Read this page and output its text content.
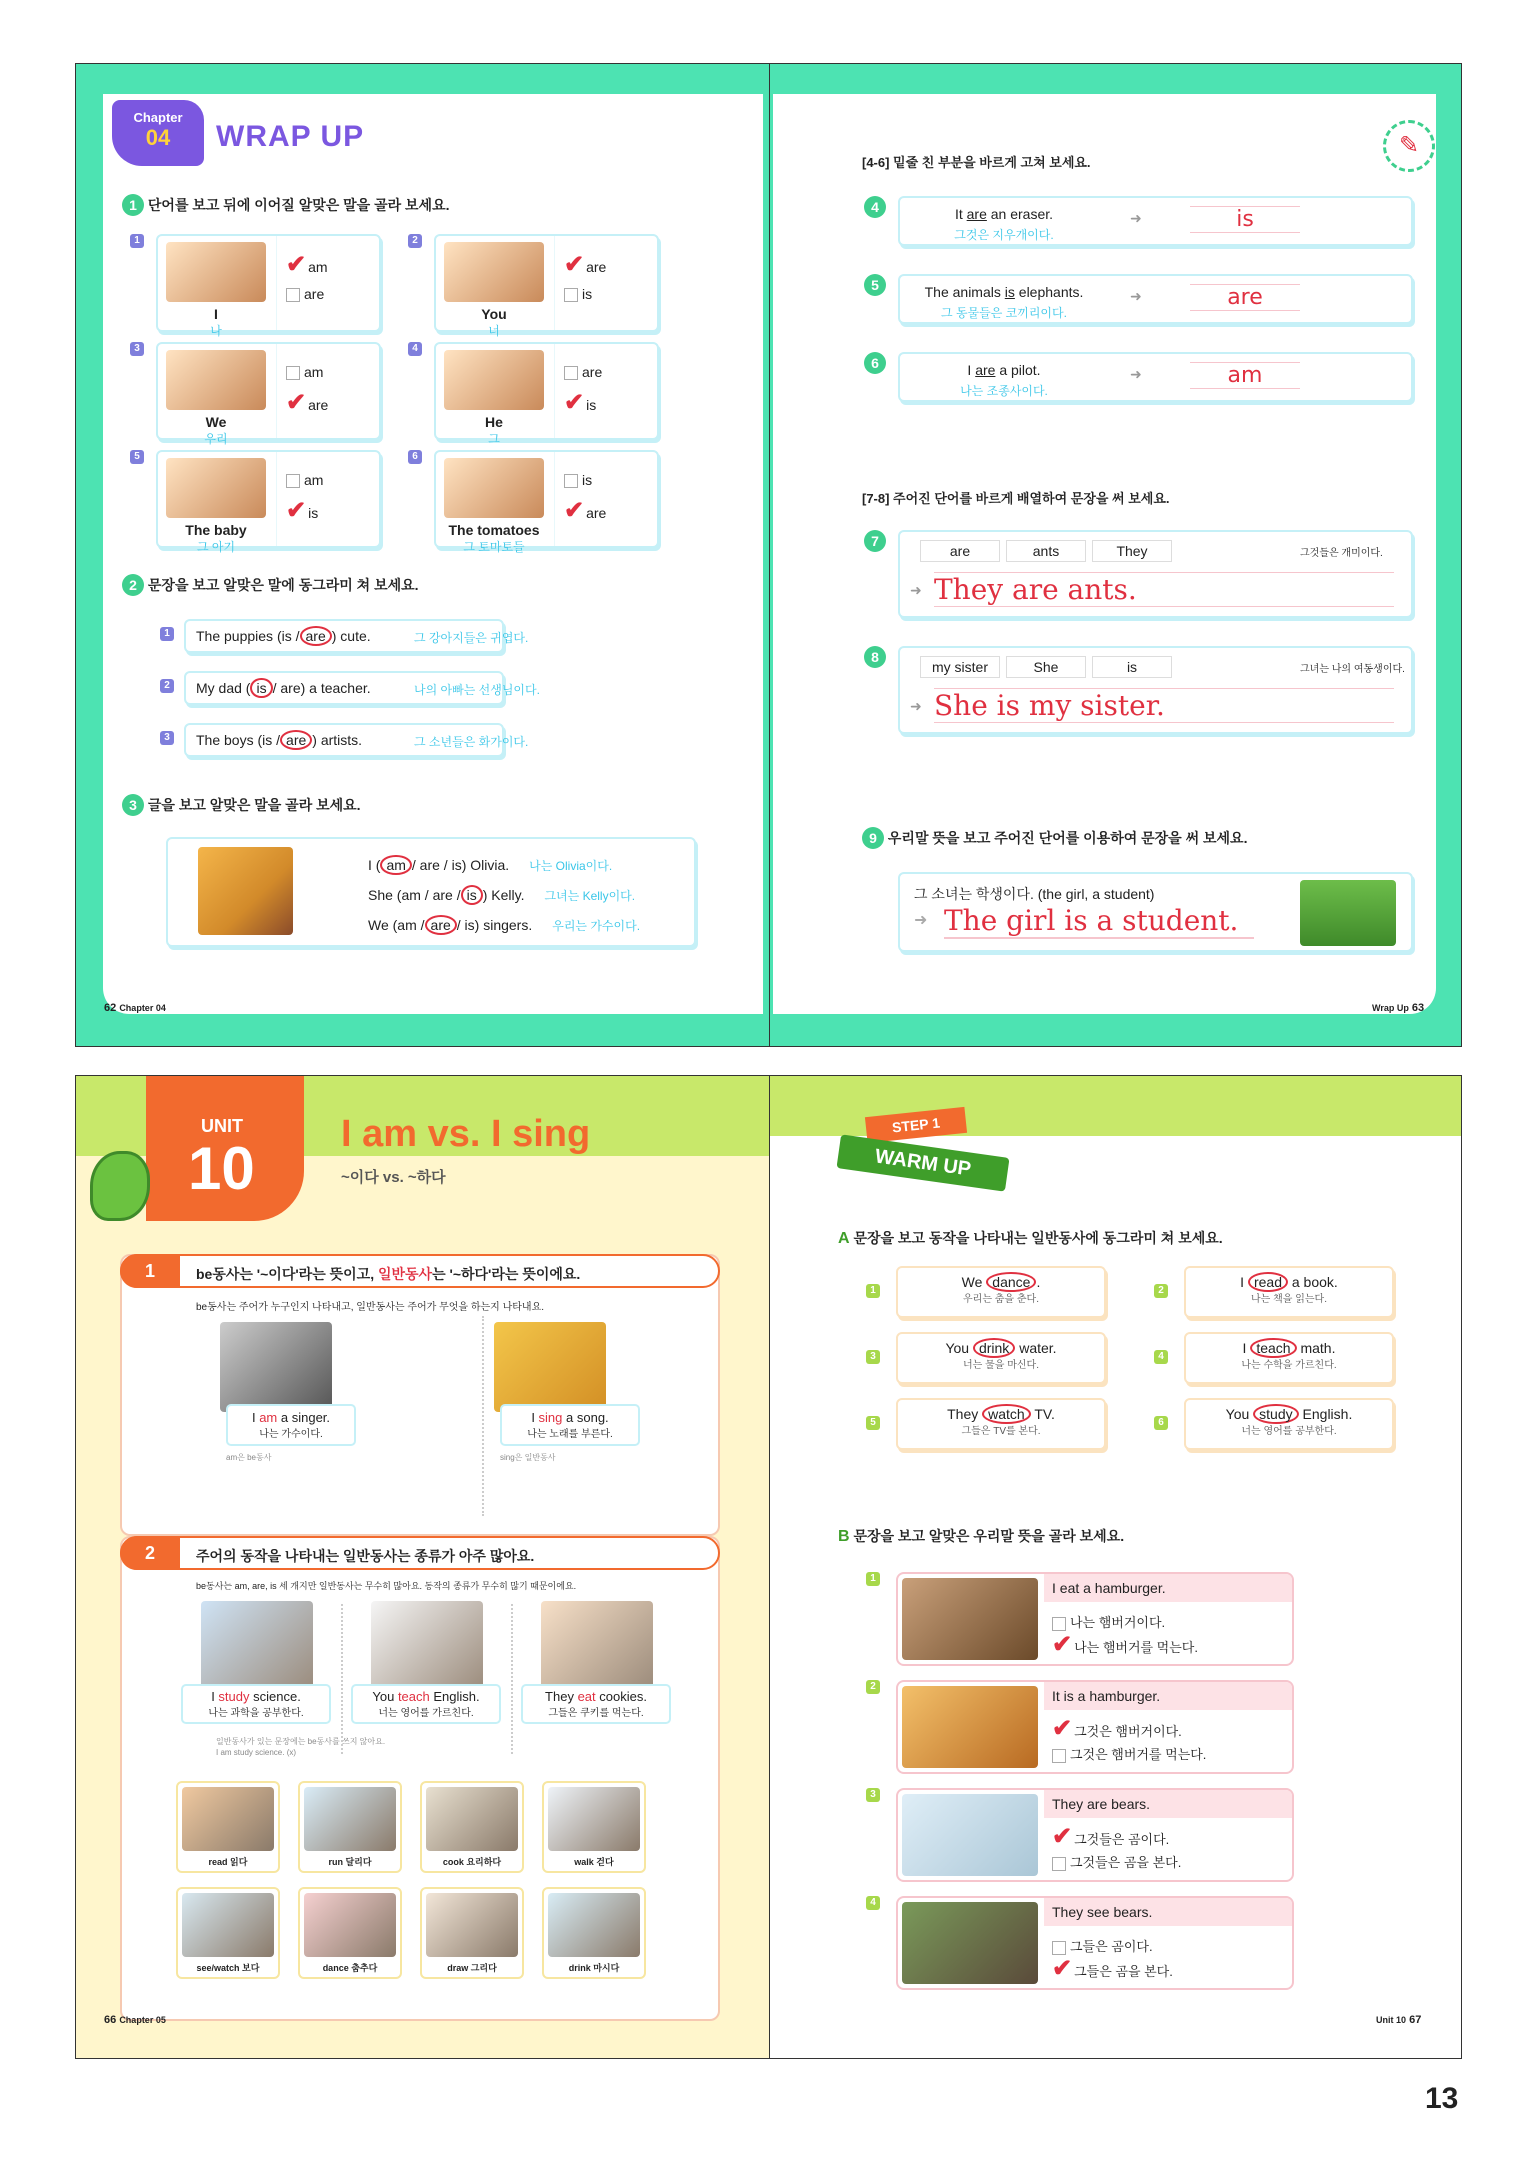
Chapter
04	WRAP UP
1 단어를 보고 뒤에 이어질 알맞은 말을 골라 보세요.
2 문장을 보고 알맞은 말에 동그라미 쳐 보세요.
3 글을 보고 알맞은 말을 골라 보세요.
I ( am / are / is) Olivia. 나는 Olivia이다.
She (am / are / is ) Kelly. 그녀는 Kelly이다.
We (am / are / is) singers. 우리는 가수이다.
62 Chapter 04
✎
[4-6] 밑줄 친 부분을 바르게 고쳐 보세요.
[7-8] 주어진 단어를 바르게 배열하여 문장을 써 보세요.
9 우리말 뜻을 보고 주어진 단어를 이용하여 문장을 써 보세요.
그 소녀는 학생이다. (the girl, a student)
➜ The girl is a student.
Wrap Up 63
1
I
나
✔ am
are
2
You
너
✔ are
is
3
We
우리
am
✔ are
4
He
그
are
✔ is
5
The baby
그 아기
am
✔ is
6
The tomatoes
그 토마토들
is
✔ are
1	The puppies (is / are ) cute.	그 강아지들은 귀엽다.
2	My dad ( is / are) a teacher.	나의 아빠는 선생님이다.
3	The boys (is / are ) artists.	그 소년들은 화가이다.
4	It are an eraser.
그것은 지우개이다.
➜	is
5	The animals is elephants.
그 동물들은 코끼리이다.
➜	are
6	I are a pilot.
나는 조종사이다.
➜	am
7
are	ants	They	그것들은 개미이다.
➜ They are ants.
8
my sister	She	is	그녀는 나의 여동생이다.
➜ She is my sister.
UNIT
10
I am vs. I sing
~이다 vs. ~하다
1	be동사는 '~이다'라는 뜻이고, 일반동사는 '~하다'라는 뜻이에요.
be동사는 주어가 누구인지 나타내고, 일반동사는 주어가 무엇을 하는지 나타내요.
I am a singer.
나는 가수이다.
am은 be동사
I sing a song.
나는 노래를 부른다.
sing은 일반동사
2	주어의 동작을 나타내는 일반동사는 종류가 아주 많아요.
be동사는 am, are, is 세 개지만 일반동사는 무수히 많아요. 동작의 종류가 무수히 많기 때문이에요.
일반동사가 있는 문장에는 be동사를 쓰지 않아요.
I am study science. (x)
66 Chapter 05
STEP 1
WARM UP
A 문장을 보고 동작을 나타내는 일반동사에 동그라미 쳐 보세요.
B 문장을 보고 알맞은 우리말 뜻을 골라 보세요.
Unit 10 67
I study science.
나는 과학을 공부한다.
You teach English.
너는 영어를 가르친다.
They eat cookies.
그들은 쿠키를 먹는다.
read 읽다	run 달리다	cook 요리하다	walk 걷다
see/watch 보다	dance 춤추다	draw 그리다	drink 마시다
1
We dance .
우리는 춤을 춘다.
2
I read a book.
나는 책을 읽는다.
3
You drink water.
너는 물을 마신다.
4
I teach math.
나는 수학을 가르친다.
5
They watch TV.
그들은 TV를 본다.
6
You study English.
너는 영어를 공부한다.
1
I eat a hamburger.
나는 햄버거이다.
✔ 나는 햄버거를 먹는다.
2
It is a hamburger.
✔ 그것은 햄버거이다.
그것은 햄버거를 먹는다.
3
They are bears.
✔ 그것들은 곰이다.
그것들은 곰을 본다.
4
They see bears.
그들은 곰이다.
✔ 그들은 곰을 본다.
13
